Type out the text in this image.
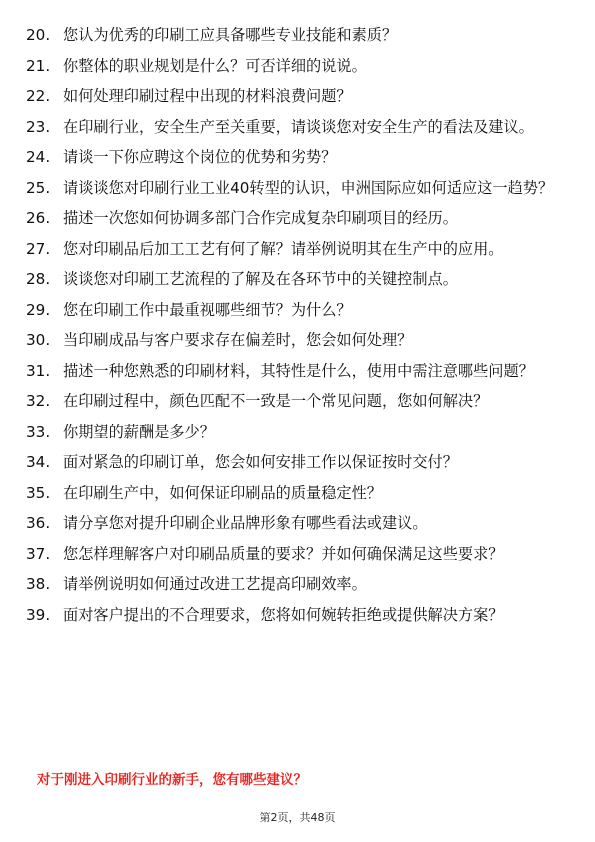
20. 您认为优秀的印刷工应具备哪些专业技能和素质？
21. 你整体的职业规划是什么？可否详细的说说。
22. 如何处理印刷过程中出现的材料浪费问题？
23. 在印刷行业，安全生产至关重要，请谈谈您对安全生产的看法及建议。
24. 请谈一下你应聘这个岗位的优势和劣势？
25. 请谈谈您对印刷行业工业40转型的认识，申洲国际应如何适应这一趋势？
26. 描述一次您如何协调多部门合作完成复杂印刷项目的经历。
27. 您对印刷品后加工工艺有何了解？请举例说明其在生产中的应用。
28. 谈谈您对印刷工艺流程的了解及在各环节中的关键控制点。
29. 您在印刷工作中最重视哪些细节？为什么？
30. 当印刷成品与客户要求存在偏差时，您会如何处理？
31. 描述一种您熟悉的印刷材料，其特性是什么，使用中需注意哪些问题？
32. 在印刷过程中，颜色匹配不一致是一个常见问题，您如何解决？
33. 你期望的薪酬是多少？
34. 面对紧急的印刷订单，您会如何安排工作以保证按时交付？
35. 在印刷生产中，如何保证印刷品的质量稳定性？
36. 请分享您对提升印刷企业品牌形象有哪些看法或建议。
37. 您怎样理解客户对印刷品质量的要求？并如何确保满足这些要求？
38. 请举例说明如何通过改进工艺提高印刷效率。
39. 面对客户提出的不合理要求，您将如何婉转拒绝或提供解决方案？
对于刚进入印刷行业的新手，您有哪些建议？
第2页，共48页
